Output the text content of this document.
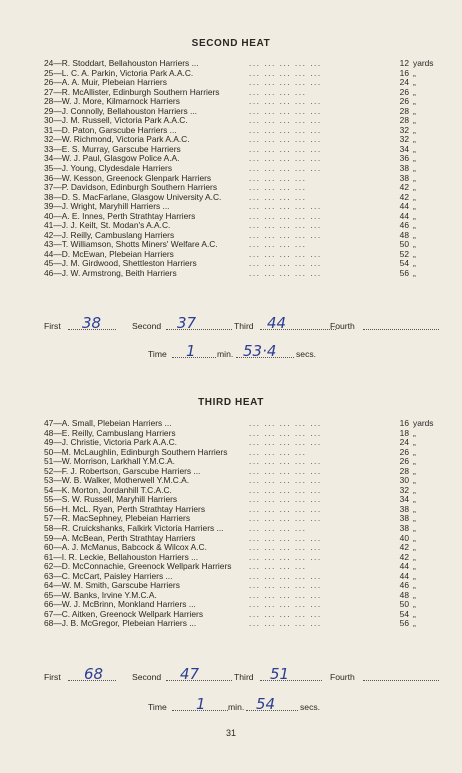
SECOND HEAT
24—R. Stoddart, Bellahouston Harriers ...	... ... ... ... ...	12 yards
25—L. C. A. Parkin, Victoria Park A.A.C.	... ... ... ... ...	16 „
26—A. A. Muir, Plebeian Harriers	... ... ... ... ...	24 „
27—R. McAllister, Edinburgh Southern Harriers	... ... ... ...	26 „
28—W. J. More, Kilmarnock Harriers	... ... ... ... ...	26 „
29—J. Connolly, Bellahouston Harriers ...	... ... ... ... ...	28 „
30—J. M. Russell, Victoria Park A.A.C.	... ... ... ... ...	28 „
31—D. Paton, Garscube Harriers ...	... ... ... ... ...	32 „
32—W. Richmond, Victoria Park A.A.C.	... ... ... ... ...	32 „
33—E. S. Murray, Garscube Harriers	... ... ... ... ...	34 „
34—W. J. Paul, Glasgow Police A.A.	... ... ... ... ...	36 „
35—J. Young, Clydesdale Harriers	... ... ... ... ...	38 „
36—W. Kesson, Greenock Glenpark Harriers	... ... ... ...	38 „
37—P. Davidson, Edinburgh Southern Harriers	... ... ... ...	42 „
38—D. S. MacFarlane, Glasgow University A.C.	... ... ... ...	42 „
39—J. Wright, Maryhill Harriers ...	... ... ... ... ...	44 „
40—A. E. Innes, Perth Strathtay Harriers	... ... ... ... ...	44 „
41—J. J. Keilt, St. Modan's A.A.C.	... ... ... ... ...	46 „
42—J. Reilly, Cambuslang Harriers	... ... ... ... ...	48 „
43—T. Williamson, Shotts Miners' Welfare A.C.	... ... ... ...	50 „
44—D. McEwan, Plebeian Harriers	... ... ... ... ...	52 „
45—J. M. Girdwood, Shettleston Harriers	... ... ... ... ...	54 „
46—J. W. Armstrong, Beith Harriers	... ... ... ... ...	56 „
First 38	Second 37	Third 44	Fourth
Time 1 min. 53·4 secs.
THIRD HEAT
47—A. Small, Plebeian Harriers ...	... ... ... ... ...	16 yards
48—E. Reilly, Cambuslang Harriers	... ... ... ... ...	18 „
49—J. Christie, Victoria Park A.A.C.	... ... ... ... ...	24 „
50—M. McLaughlin, Edinburgh Southern Harriers	... ... ... ...	26 „
51—W. Morrison, Larkhall Y.M.C.A.	... ... ... ... ...	26 „
52—F. J. Robertson, Garscube Harriers ...	... ... ... ... ...	28 „
53—W. B. Walker, Motherwell Y.M.C.A.	... ... ... ... ...	30 „
54—K. Morton, Jordanhill T.C.A.C.	... ... ... ... ...	32 „
55—S. W. Russell, Maryhill Harriers	... ... ... ... ...	34 „
56—H. McL. Ryan, Perth Strathtay Harriers	... ... ... ... ...	38 „
57—R. MacSephney, Plebeian Harriers	... ... ... ... ...	38 „
58—R. Cruickshanks, Falkirk Victoria Harriers ...	... ... ... ...	38 „
59—A. McBean, Perth Strathtay Harriers	... ... ... ... ...	40 „
60—A. J. McManus, Babcock & Wilcox A.C.	... ... ... ... ...	42 „
61—I. R. Leckie, Bellahouston Harriers ...	... ... ... ... ...	42 „
62—D. McConnachie, Greenock Wellpark Harriers ... ... ... ...	44 „
63—C. McCart, Paisley Harriers ...	... ... ... ... ...	44 „
64—W. M. Smith, Garscube Harriers	... ... ... ... ...	46 „
65—W. Banks, Irvine Y.M.C.A.	... ... ... ... ...	48 „
66—W. J. McBrinn, Monkland Harriers ...	... ... ... ... ...	50 „
67—C. Aitken, Greenock Wellpark Harriers	... ... ... ... ...	54 „
68—J. B. McGregor, Plebeian Harriers ...	... ... ... ... ...	56 „
First 68	Second 47	Third 51	Fourth
Time 1	min. 54	secs.
31
